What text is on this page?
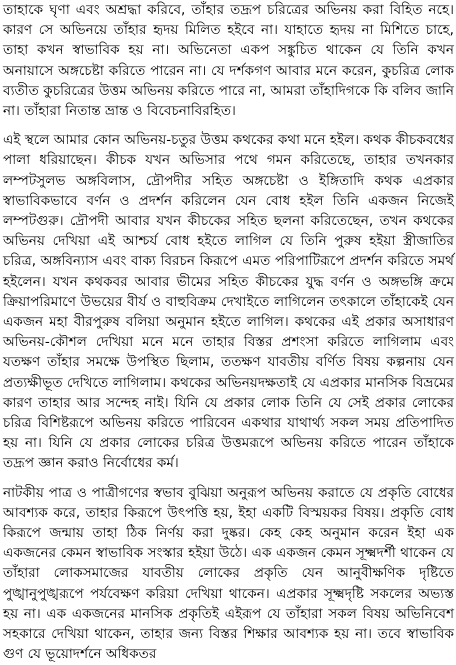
তাহাকে ঘৃণা এবং অশ্রদ্ধা করিবে, তাঁহার তদ্রূপ চরিত্রের অভিনয় করা বিহিত নহে। কারণ সে অভিনয়ে তাঁহার হৃদয় মিলিত হইবে না। যাহাতে হৃদয় না মিশিতে চাহে, তাহা কখন স্বাভাবিক হয় না। অভিনেতা একপ সঙ্কুচিত থাকেন যে তিনি কখন অনায়াসে অঙ্গচেষ্টা করিতে পারেন না। যে দর্শকগণ আবার মনে করেন, কুচরিত্র লোক ব্যতীত কুচরিত্রের উত্তম অভিনয় করিতে পারে না, আমরা তাঁহাদিগকে কি বলিব জানি না। তাঁহারা নিতান্ত ভ্রান্ত ও বিবেচনাবিরহিত।

এই স্থলে আমার কোন অভিনয়-চতুর উত্তম কথকের কথা মনে হইল। কথক কীচকবধের পালা ধরিয়াছেন। কীচক যখন অভিসার পথে গমন করিতেছে, তাহার তখনকার লম্পটসুলভ অঙ্গবিলাস, দ্রৌপদীর সহিত অঙ্গচেষ্টা ও ইঙ্গিতাদি কথক এপ্রকার স্বাভাবিকভাবে বর্ণন ও প্রদর্শন করিলেন যেন বোধ হইল তিনি একজন নিজেই লম্পটগুরু। দ্রৌপদী আবার যখন কীচকের সহিত ছলনা করিতেছেন, তখন কথকের অভিনয় দেখিয়া এই আশ্চর্য বোধ হইতে লাগিল যে তিনি পুরুষ হইয়া স্ত্রীজাতির চরিত্র, অঙ্গবিন্যাস এবং বাক্য বিরচন কিরূপে এমত পরিপাটিরূপে প্রদর্শন করিতে সমর্থ হইলেন। যখন কথকবর আবার ভীমের সহিত কীচকের যুদ্ধ বর্ণন ও অঙ্গভঙ্গি ক্রমে ক্রিয়াপরিমাণে উভয়ের বীর্য ও বাহুবিক্রম দেখাইতে লাগিলেন তৎকালে তাঁহাকেই যেন একজন মহা বীরপুরুষ বলিয়া অনুমান হইতে লাগিল। কথকের এই প্রকার অসাধারণ অভিনয়-কৌশল দেখিয়া মনে মনে তাহার বিস্তর প্রশংসা করিতে লাগিলাম এবং যতক্ষণ তাঁহার সমক্ষে উপস্থিত ছিলাম, ততক্ষণ যাবতীয় বর্ণিত বিষয় কল্পনায় যেন প্রত্যক্ষীভূত দেখিতে লাগিলাম। কথকের অভিনয়দক্ষতাই যে এপ্রকার মানসিক বিভ্রমের কারণ তাহার আর সন্দেহ নাই। যিনি যে প্রকার লোক তিনি যে সেই প্রকার লোকের চরিত্র বিশিষ্টরূপে অভিনয় করিতে পারিবেন একথার যাথার্থ্য সকল সময় প্রতিপাদিত হয় না। যিনি যে প্রকার লোকের চরিত্র উত্তমরূপে অভিনয় করিতে পারেন তাঁহাকে তদ্রূপ জ্ঞান করাও নির্বোধের কর্ম।

নাটকীয় পাত্র ও পাত্রীগণের স্বভাব বুঝিয়া অনুরূপ অভিনয় করাতে যে প্রকৃতি বোধের আবশ্যক করে, তাহার কিরূপে উৎপত্তি হয়, ইহা একটি বিস্ময়কর বিষয়। প্রকৃতি বোধ কিরূপে জন্মায় তাহা ঠিক নির্ণয় করা দুষ্কর। কেহ কেহ অনুমান করেন ইহা এক একজনের কেমন স্বাভাবিক সংস্কার হইয়া উঠে। এক একজন কেমন সূক্ষ্মদর্শী থাকেন যে তাঁহারা লোকসমাজের যাবতীয় লোকের প্রকৃতি যেন আনুবীক্ষণিক দৃষ্টিতে পুঙ্খানুপুঙ্খরূপে পর্যবেক্ষণ করিয়া দেখিয়া থাকেন। এপ্রকার সূক্ষ্মদৃষ্টি সকলের অভ্যস্ত হয় না। এক একজনের মানসিক প্রকৃতিই এইরূপ যে তাঁহারা সকল বিষয় অভিনিবেশ সহকারে দেখিয়া থাকেন, তাহার জন্য বিস্তর শিক্ষার আবশ্যক হয় না। তবে স্বাভাবিক গুণ যে ভূয়োদর্শনে অধিকতর
